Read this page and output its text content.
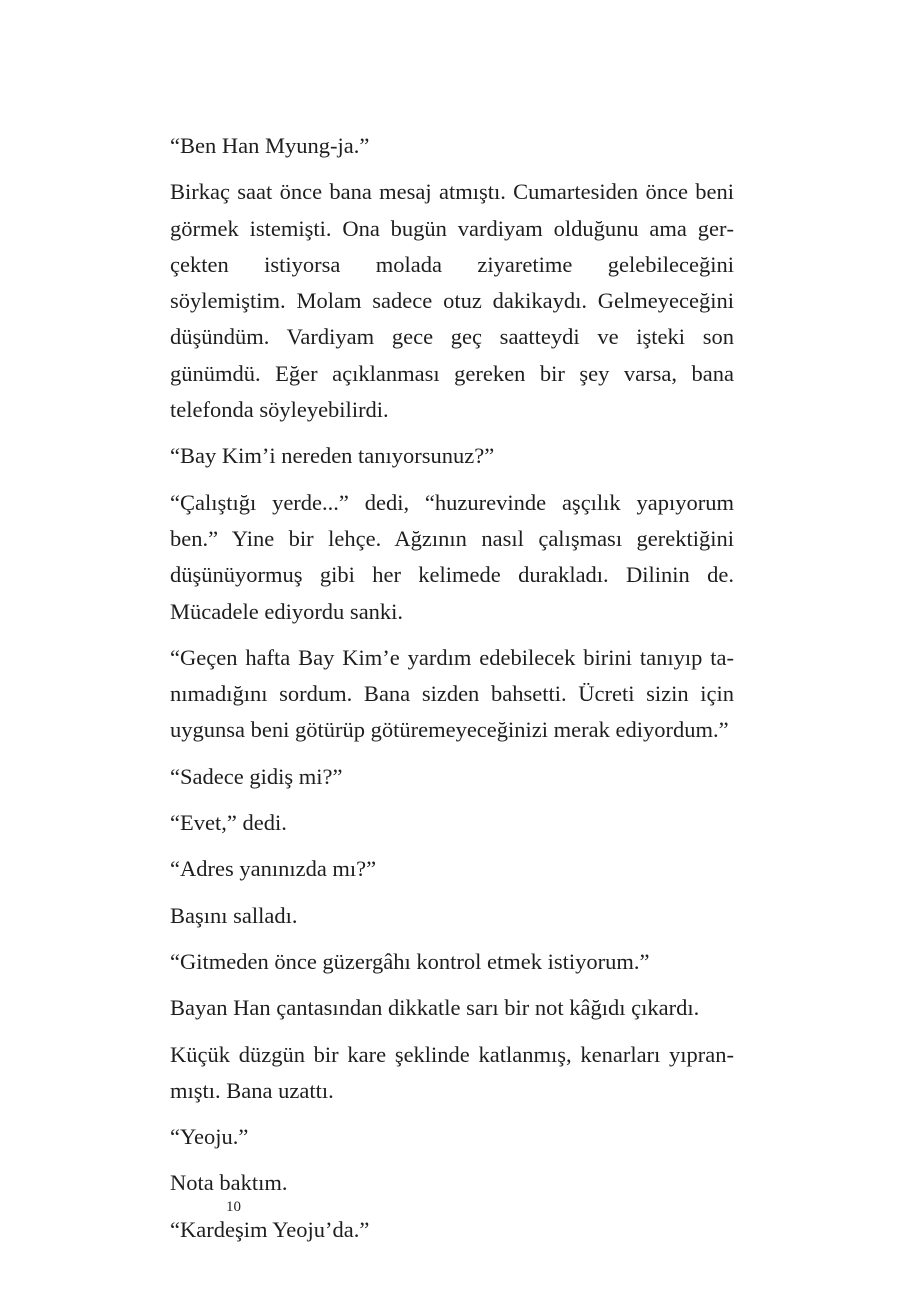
“Ben Han Myung-ja.”

Birkaç saat önce bana mesaj atmıştı. Cumartesiden önce beni görmek istemişti. Ona bugün vardiyam olduğunu ama gerçekten istiyorsa molada ziyaretime gelebileceğini söylemiştim. Molam sadece otuz dakikaydı. Gelmeyeceğini düşündüm. Vardiyam gece geç saatteydi ve işteki son günümdü. Eğer açıklanması gereken bir şey varsa, bana telefonda söyleyebilirdi.

“Bay Kim’i nereden tanıyorsunuz?”

“Çalıştığı yerde...” dedi, “huzurevinde aşçılık yapıyorum ben.” Yine bir lehçe. Ağzının nasıl çalışması gerektiğini düşünüyormuş gibi her kelimede durakladı. Dilinin de. Mücadele ediyordu sanki.

“Geçen hafta Bay Kim’e yardım edebilecek birini tanıyıp tanımadığını sordum. Bana sizden bahsetti. Ücreti sizin için uygunsa beni götürüp götüremeyeceğinizi merak ediyordum.”

“Sadece gidiş mi?”

“Evet,” dedi.

“Adres yanınızda mı?”

Başını salladı.

“Gitmeden önce güzergâhı kontrol etmek istiyorum.”

Bayan Han çantasından dikkatle sarı bir not kâğıdı çıkardı.

Küçük düzgün bir kare şeklinde katlanmış, kenarları yıpranmıştı. Bana uzattı.

“Yeoju.”

Nota baktım.

“Kardeşim Yeoju’da.”

10
